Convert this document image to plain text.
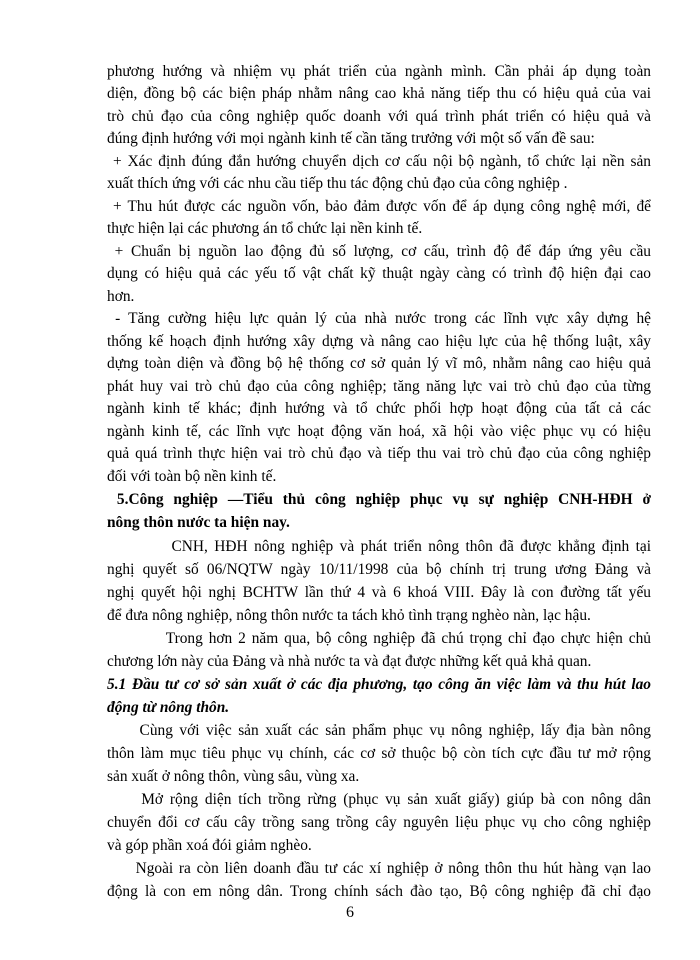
phương hướng và nhiệm vụ phát triển của ngành mình. Cần phải áp dụng toàn
diện, đồng bộ các biện pháp nhằm nâng cao khả năng tiếp thu có hiệu quả của vai
trò chủ đạo của công nghiệp quốc doanh với quá trình phát triển có hiệu quả và
đúng định hướng với mọi ngành kinh tế cần tăng trưởng với một số vấn đề sau:
+ Xác định đúng đắn hướng chuyển dịch cơ cấu nội bộ ngành, tổ chức lại nền sản
xuất thích ứng với các nhu cầu tiếp thu tác động chủ đạo của công nghiệp .
+ Thu hút được các nguồn vốn, bảo đảm được vốn để áp dụng công nghệ mới, để
thực hiện lại các phương án tổ chức lại nền kinh tế.
+ Chuẩn bị nguồn lao động đủ số lượng, cơ cấu, trình độ để đáp ứng yêu cầu
dụng có hiệu quả các yếu tố vật chất kỹ thuật ngày càng có trình độ hiện đại cao
hơn.
- Tăng cường hiệu lực quản lý của nhà nước trong các lĩnh vực xây dựng hệ
thống kế hoạch định hướng xây dựng và nâng cao hiệu lực của hệ thống luật, xây
dựng toàn diện và đồng bộ hệ thống cơ sở quản lý vĩ mô, nhằm nâng cao hiệu quả
phát huy vai trò chủ đạo của công nghiệp; tăng năng lực vai trò chủ đạo của từng
ngành kinh tế khác; định hướng và tổ chức phối hợp hoạt động của tất cả các
ngành kinh tế, các lĩnh vực hoạt động văn hoá, xã hội vào việc phục vụ có hiệu
quả quá trình thực hiện vai trò chủ đạo và tiếp thu vai trò chủ đạo của công nghiệp
đối với toàn bộ nền kinh tế.
5.Công nghiệp —Tiểu thủ công nghiệp phục vụ sự nghiệp CNH-HĐH ở
nông thôn nước ta hiện nay.
CNH, HĐH nông nghiệp và phát triển nông thôn đã được khẳng định tại
nghị quyết số 06/NQTW ngày 10/11/1998 của bộ chính trị trung ương Đảng và
nghị quyết hội nghị BCHTW lần thứ 4 và 6 khoá VIII. Đây là con đường tất yếu
để đưa nông nghiệp, nông thôn nước ta tách khỏ tình trạng nghèo nàn, lạc hậu.
Trong hơn 2 năm qua, bộ công nghiệp đã chú trọng chỉ đạo chực hiện chủ
chương lớn này của Đảng và nhà nước ta và đạt được những kết quả khả quan.
5.1 Đầu tư cơ sở sản xuất ở các địa phương, tạo công ăn việc làm và thu hút lao
động từ nông thôn.
Cùng với việc sản xuất các sản phẩm phục vụ nông nghiệp, lấy địa bàn nông
thôn làm mục tiêu phục vụ chính, các cơ sở thuộc bộ còn tích cực đầu tư mở rộng
sản xuất ở nông thôn, vùng sâu, vùng xa.
Mở rộng diện tích trồng rừng (phục vụ sản xuất giấy) giúp bà con nông dân
chuyển đổi cơ cấu cây trồng sang trồng cây nguyên liệu phục vụ cho công nghiệp
và góp phần xoá đói giảm nghèo.
Ngoài ra còn liên doanh đầu tư các xí nghiệp ở nông thôn thu hút hàng vạn lao
động là con em nông dân. Trong chính sách đào tạo, Bộ công nghiệp đã chỉ đạo
6
